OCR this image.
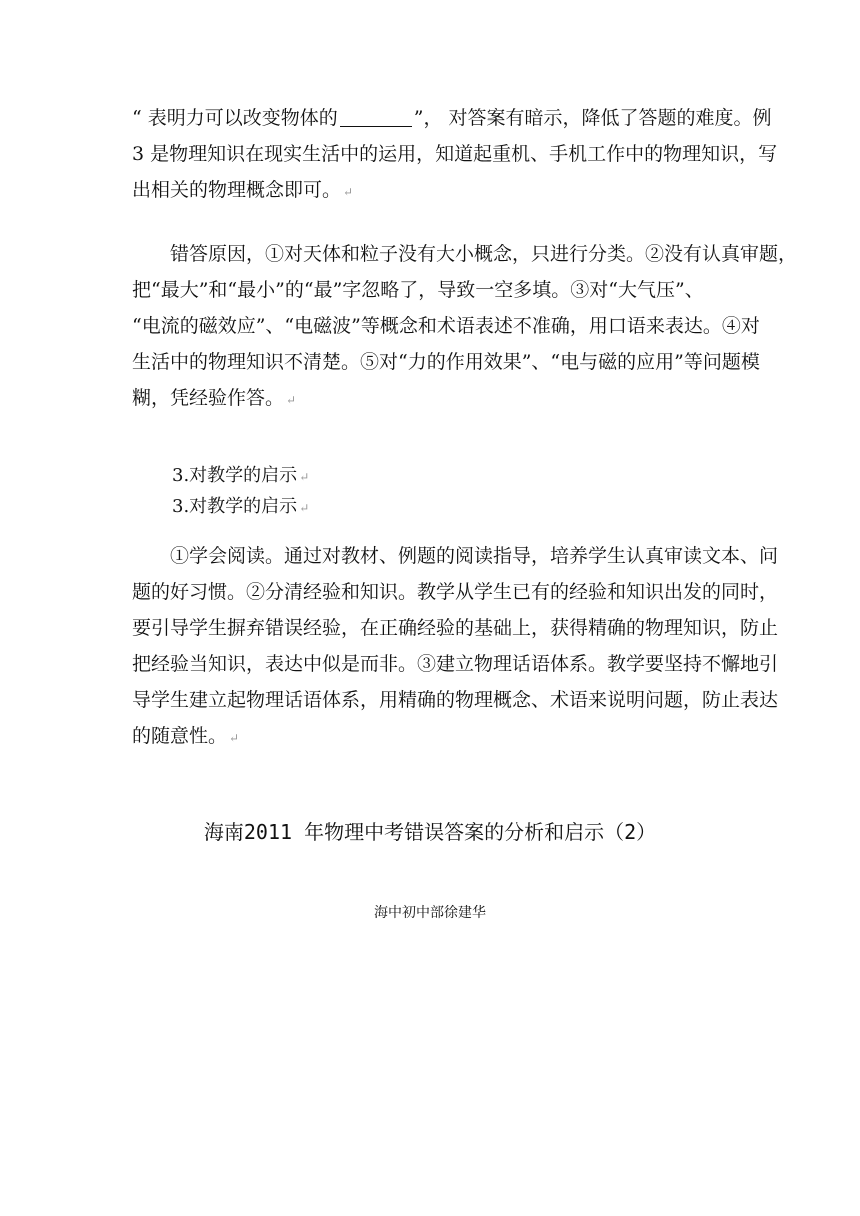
“ 表明力可以改变物体的	”， 对答案有暗示，降低了答题的难度。例
3 是物理知识在现实生活中的运用，知道起重机、手机工作中的物理知识，写
出相关的物理概念即可。 ↵
错答原因，①对天体和粒子没有大小概念，只进行分类。②没有认真审题，
把“最大”和“最小”的“最”字忽略了，导致一空多填。③对“大气压”、
“电流的磁效应”、“电磁波”等概念和术语表述不准确，用口语来表达。④对
生活中的物理知识不清楚。⑤对“力的作用效果”、“电与磁的应用”等问题模
糊，凭经验作答。 ↵

3.对教学的启示 ↵

3.对教学的启示 ↵

①学会阅读。通过对教材、例题的阅读指导，培养学生认真审读文本、问
题的好习惯。②分清经验和知识。教学从学生已有的经验和知识出发的同时，
要引导学生摒弃错误经验，在正确经验的基础上，获得精确的物理知识，防止
把经验当知识，表达中似是而非。③建立物理话语体系。教学要坚持不懈地引
导学生建立起物理话语体系，用精确的物理概念、术语来说明问题，防止表达
的随意性。 ↵

海南2011 年物理中考错误答案的分析和启示（2）

海中初中部徐建华
